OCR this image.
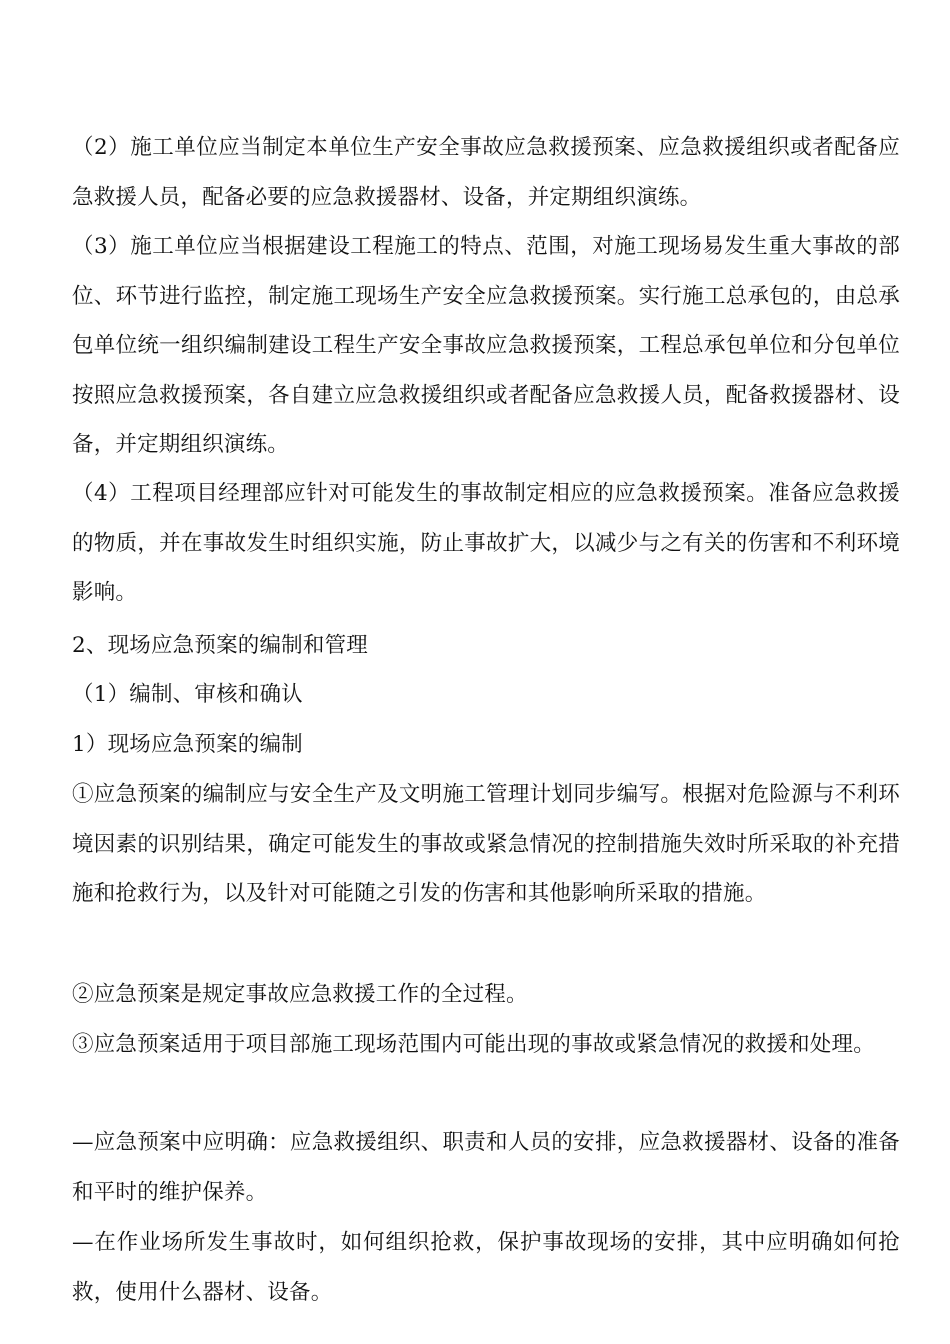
（2）施工单位应当制定本单位生产安全事故应急救援预案、应急救援组织或者配备应急救援人员，配备必要的应急救援器材、设备，并定期组织演练。

（3）施工单位应当根据建设工程施工的特点、范围，对施工现场易发生重大事故的部位、环节进行监控，制定施工现场生产安全应急救援预案。实行施工总承包的，由总承包单位统一组织编制建设工程生产安全事故应急救援预案，工程总承包单位和分包单位按照应急救援预案，各自建立应急救援组织或者配备应急救援人员，配备救援器材、设备，并定期组织演练。

（4）工程项目经理部应针对可能发生的事故制定相应的应急救援预案。准备应急救援的物质，并在事故发生时组织实施，防止事故扩大，以减少与之有关的伤害和不利环境影响。

2、现场应急预案的编制和管理

（1）编制、审核和确认

1）现场应急预案的编制

①应急预案的编制应与安全生产及文明施工管理计划同步编写。根据对危险源与不利环境因素的识别结果，确定可能发生的事故或紧急情况的控制措施失效时所采取的补充措施和抢救行为，以及针对可能随之引发的伤害和其他影响所采取的措施。

②应急预案是规定事故应急救援工作的全过程。

③应急预案适用于项目部施工现场范围内可能出现的事故或紧急情况的救援和处理。

—应急预案中应明确：应急救援组织、职责和人员的安排，应急救援器材、设备的准备和平时的维护保养。

—在作业场所发生事故时，如何组织抢救，保护事故现场的安排，其中应明确如何抢救，使用什么器材、设备。
